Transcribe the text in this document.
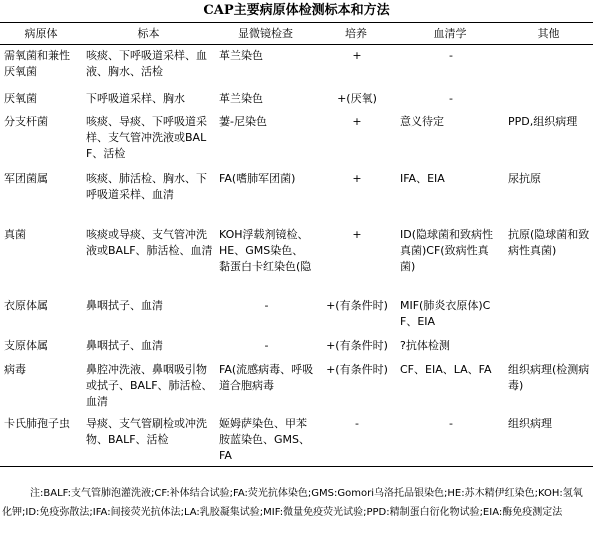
CAP主要病原体检测标本和方法
病原体	标本	显微镜检查	培养	血清学	其他
需氧菌和兼性厌氧菌	咳痰、下呼吸道采样、血液、胸水、活检	革兰染色	+	-	
厌氧菌	下呼吸道采样、胸水	革兰染色	+(厌氧)	-	
分支杆菌	咳痰、导痰、下呼吸道采样、支气管冲洗液或BALF、活检	萋-尼染色	+	意义待定	PPD,组织病理
军团菌属	咳痰、肺活检、胸水、下呼吸道采样、血清	FA(嗜肺军团菌)	+	IFA、EIA	尿抗原
真菌	咳痰或导痰、支气管冲洗液或BALF、肺活检、血清	KOH浮载剂镜检、HE、GMS染色、黏蛋白卡红染色(隐	+	ID(隐球菌和致病性真菌)CF(致病性真菌)	抗原(隐球菌和致病性真菌)
衣原体属	鼻咽拭子、血清	-	+(有条件时)	MIF(肺炎衣原体)CF、EIA	
支原体属	鼻咽拭子、血清	-	+(有条件时)	?抗体检测	
病毒	鼻腔冲洗液、鼻咽吸引物或拭子、BALF、肺活检、血清	FA(流感病毒、呼吸道合胞病毒	+(有条件时)	CF、EIA、LA、FA	组织病理(检测病毒)
卡氏肺孢子虫	导痰、支气管刷检或冲洗物、BALF、活检	姬姆萨染色、甲苯胺蓝染色、GMS、FA	-	-	组织病理
注:BALF:支气管肺泡灌洗液;CF:补体结合试验;FA:荧光抗体染色;GMS:Gomori乌洛托品银染色;HE:苏木精伊红染色;KOH:氢氧化钾;ID:免疫弥散法;IFA:间接荧光抗体法;LA:乳胶凝集试验;MIF:微量免疫荧光试验;PPD:精制蛋白衍化物试验;EIA:酶免疫测定法
